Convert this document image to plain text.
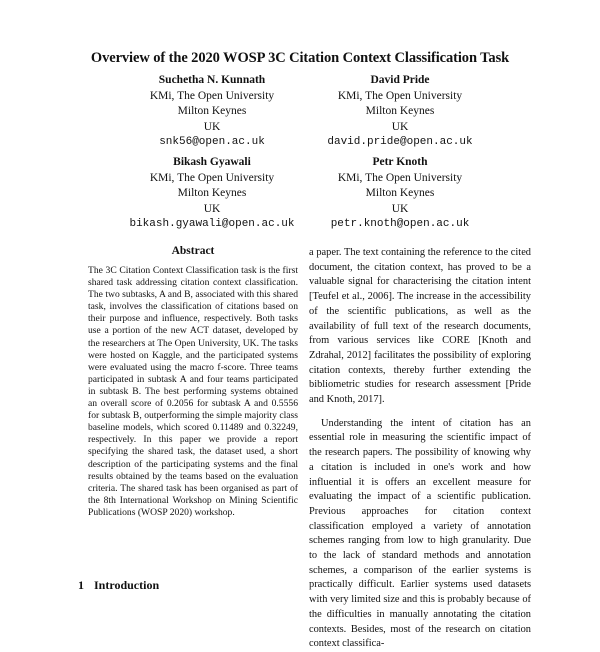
Overview of the 2020 WOSP 3C Citation Context Classification Task
Suchetha N. Kunnath
KMi, The Open University
Milton Keynes
UK
snk56@open.ac.uk
David Pride
KMi, The Open University
Milton Keynes
UK
david.pride@open.ac.uk
Bikash Gyawali
KMi, The Open University
Milton Keynes
UK
bikash.gyawali@open.ac.uk
Petr Knoth
KMi, The Open University
Milton Keynes
UK
petr.knoth@open.ac.uk
Abstract
The 3C Citation Context Classification task is the first shared task addressing citation context classification. The two subtasks, A and B, associated with this shared task, involves the classification of citations based on their purpose and influence, respectively. Both tasks use a portion of the new ACT dataset, developed by the researchers at The Open University, UK. The tasks were hosted on Kaggle, and the participated systems were evaluated using the macro f-score. Three teams participated in subtask A and four teams participated in subtask B. The best performing systems obtained an overall score of 0.2056 for subtask A and 0.5556 for subtask B, outperforming the simple majority class baseline models, which scored 0.11489 and 0.32249, respectively. In this paper we provide a report specifying the shared task, the dataset used, a short description of the participating systems and the final results obtained by the teams based on the evaluation criteria. The shared task has been organised as part of the 8th International Workshop on Mining Scientific Publications (WOSP 2020) workshop.
1 Introduction

a paper. The text containing the reference to the cited document, the citation context, has proved to be a valuable signal for characterising the citation intent [Teufel et al., 2006]. The increase in the accessibility of the scientific publications, as well as the availability of full text of the research documents, from various services like CORE [Knoth and Zdrahal, 2012] facilitates the possibility of exploring citation contexts, thereby further extending the bibliometric studies for research assessment [Pride and Knoth, 2017].

Understanding the intent of citation has an essential role in measuring the scientific impact of the research papers. The possibility of knowing why a citation is included in one's work and how influential it is offers an excellent measure for evaluating the impact of a scientific publication. Previous approaches for citation context classification employed a variety of annotation schemes ranging from low to high granularity. Due to the lack of standard methods and annotation schemes, a comparison of the earlier systems is practically difficult. Earlier systems used datasets with very limited size and this is probably because of the difficulties in manually annotating the citation contexts. Besides, most of the research on citation context classifica-
